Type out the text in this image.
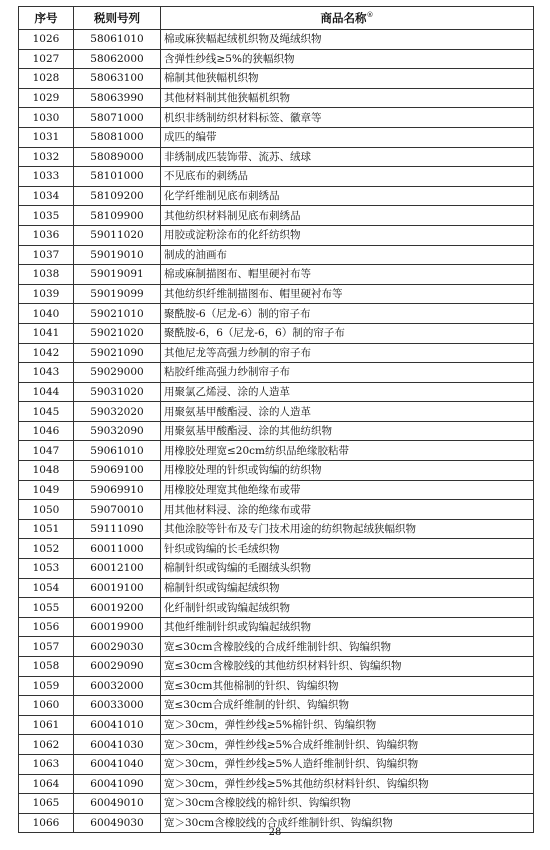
序号	税则号列	商品名称®
1026	58061010	棉或麻狭幅起绒机织物及绳绒织物
1027	58062000	含弹性纱线≥5%的狭幅织物
1028	58063100	棉制其他狭幅机织物
1029	58063990	其他材料制其他狭幅机织物
1030	58071000	机织非绣制纺织材料标签、徽章等
1031	58081000	成匹的编带
1032	58089000	非绣制成匹装饰带、流苏、绒球
1033	58101000	不见底布的刺绣品
1034	58109200	化学纤维制见底布刺绣品
1035	58109900	其他纺织材料制见底布刺绣品
1036	59011020	用胶或淀粉涂布的化纤纺织物
1037	59019010	制成的油画布
1038	59019091	棉或麻制描图布、帽里硬衬布等
1039	59019099	其他纺织纤维制描图布、帽里硬衬布等
1040	59021010	聚酰胺-6（尼龙-6）制的帘子布
1041	59021020	聚酰胺-6，6（尼龙-6，6）制的帘子布
1042	59021090	其他尼龙等高强力纱制的帘子布
1043	59029000	粘胶纤维高强力纱制帘子布
1044	59031020	用聚氯乙烯浸、涂的人造革
1045	59032020	用聚氨基甲酸酯浸、涂的人造革
1046	59032090	用聚氨基甲酸酯浸、涂的其他纺织物
1047	59061010	用橡胶处理宽≤20cm纺织品绝缘胶粘带
1048	59069100	用橡胶处理的针织或钩编的纺织物
1049	59069910	用橡胶处理宽其他绝缘布或带
1050	59070010	用其他材料浸、涂的绝缘布或带
1051	59111090	其他涂胶等针布及专门技术用途的纺织物起绒狭幅织物
1052	60011000	针织或钩编的长毛绒织物
1053	60012100	棉制针织或钩编的毛圈绒头织物
1054	60019100	棉制针织或钩编起绒织物
1055	60019200	化纤制针织或钩编起绒织物
1056	60019900	其他纤维制针织或钩编起绒织物
1057	60029030	宽≤30cm含橡胶线的合成纤维制针织、钩编织物
1058	60029090	宽≤30cm含橡胶线的其他纺织材料针织、钩编织物
1059	60032000	宽≤30cm其他棉制的针织、钩编织物
1060	60033000	宽≤30cm合成纤维制的针织、钩编织物
1061	60041010	宽＞30cm，弹性纱线≥5%棉针织、钩编织物
1062	60041030	宽＞30cm，弹性纱线≥5%合成纤维制针织、钩编织物
1063	60041040	宽＞30cm，弹性纱线≥5%人造纤维制针织、钩编织物
1064	60041090	宽＞30cm，弹性纱线≥5%其他纺织材料针织、钩编织物
1065	60049010	宽＞30cm含橡胶线的棉针织、钩编织物
1066	60049030	宽＞30cm含橡胶线的合成纤维制针织、钩编织物
28
